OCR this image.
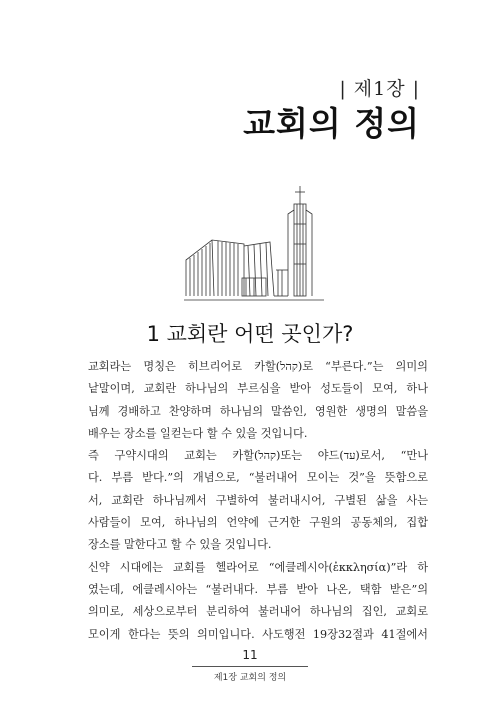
| 제1장 |
교회의 정의
1 교회란 어떤 곳인가?

교회라는 명칭은 히브리어로 카할(קהל)로 “부른다.”는 의미의
낱말이며, 교회란 하나님의 부르심을 받아 성도들이 모여, 하나
님께 경배하고 찬양하며 하나님의 말씀인, 영원한 생명의 말씀을
배우는 장소를 일컫는다 할 수 있을 것입니다.

즉 구약시대의 교회는 카할(קהל)또는 야드(עד)로서, “만나
다. 부름 받다.”의 개념으로, “불러내어 모이는 것”을 뜻함으로
서, 교회란 하나님께서 구별하여 불러내시어, 구별된 삶을 사는
사람들이 모여, 하나님의 언약에 근거한 구원의 공동체의, 집합
장소를 말한다고 할 수 있을 것입니다.

신약 시대에는 교회를 헬라어로 “에클레시아(ἐκκλησία)”라 하
였는데, 에클레시아는 “불러내다. 부름 받아 나온, 택함 받은”의
의미로, 세상으로부터 분리하여 불러내어 하나님의 집인, 교회로
모이게 한다는 뜻의 의미입니다. 사도행전 19장32절과 41절에서

11
제1장 교회의 정의
